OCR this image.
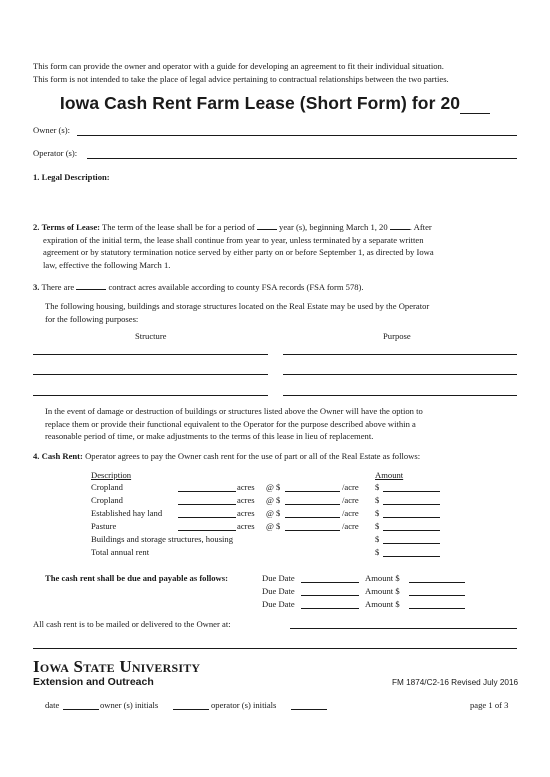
This form can provide the owner and operator with a guide for developing an agreement to fit their individual situation.
This form is not intended to take the place of legal advice pertaining to contractual relationships between the two parties.
Iowa Cash Rent Farm Lease (Short Form) for 20
Owner (s):
Operator (s):
1. Legal Description:
2. Terms of Lease: The term of the lease shall be for a period of	year (s), beginning March 1, 20	. After
expiration of the initial term, the lease shall continue from year to year, unless terminated by a separate written
agreement or by statutory termination notice served by either party on or before September 1, as directed by Iowa
law, effective the following March 1.
3. There are	contract acres available according to county FSA records (FSA form 578).
The following housing, buildings and storage structures located on the Real Estate may be used by the Operator
for the following purposes:
Structure	Purpose
In the event of damage or destruction of buildings or structures listed above the Owner will have the option to
replace them or provide their functional equivalent to the Operator for the purpose described above within a
reasonable period of time, or make adjustments to the terms of this lease in lieu of replacement.
4. Cash Rent: Operator agrees to pay the Owner cash rent for the use of part or all of the Real Estate as follows:
Description	Amount
Cropland	acres @ $	/acre $
Cropland	acres @ $	/acre $
Established hay land	acres @ $	/acre $
Pasture	acres @ $	/acre $
Buildings and storage structures, housing	$
Total annual rent	$
The cash rent shall be due and payable as follows:	Due Date	Amount $
Due Date	Amount $
Due Date	Amount $
All cash rent is to be mailed or delivered to the Owner at:
Iowa State University
Extension and Outreach	FM 1874/C2-16 Revised July 2016
date	owner (s) initials	operator (s) initials	page 1 of 3
